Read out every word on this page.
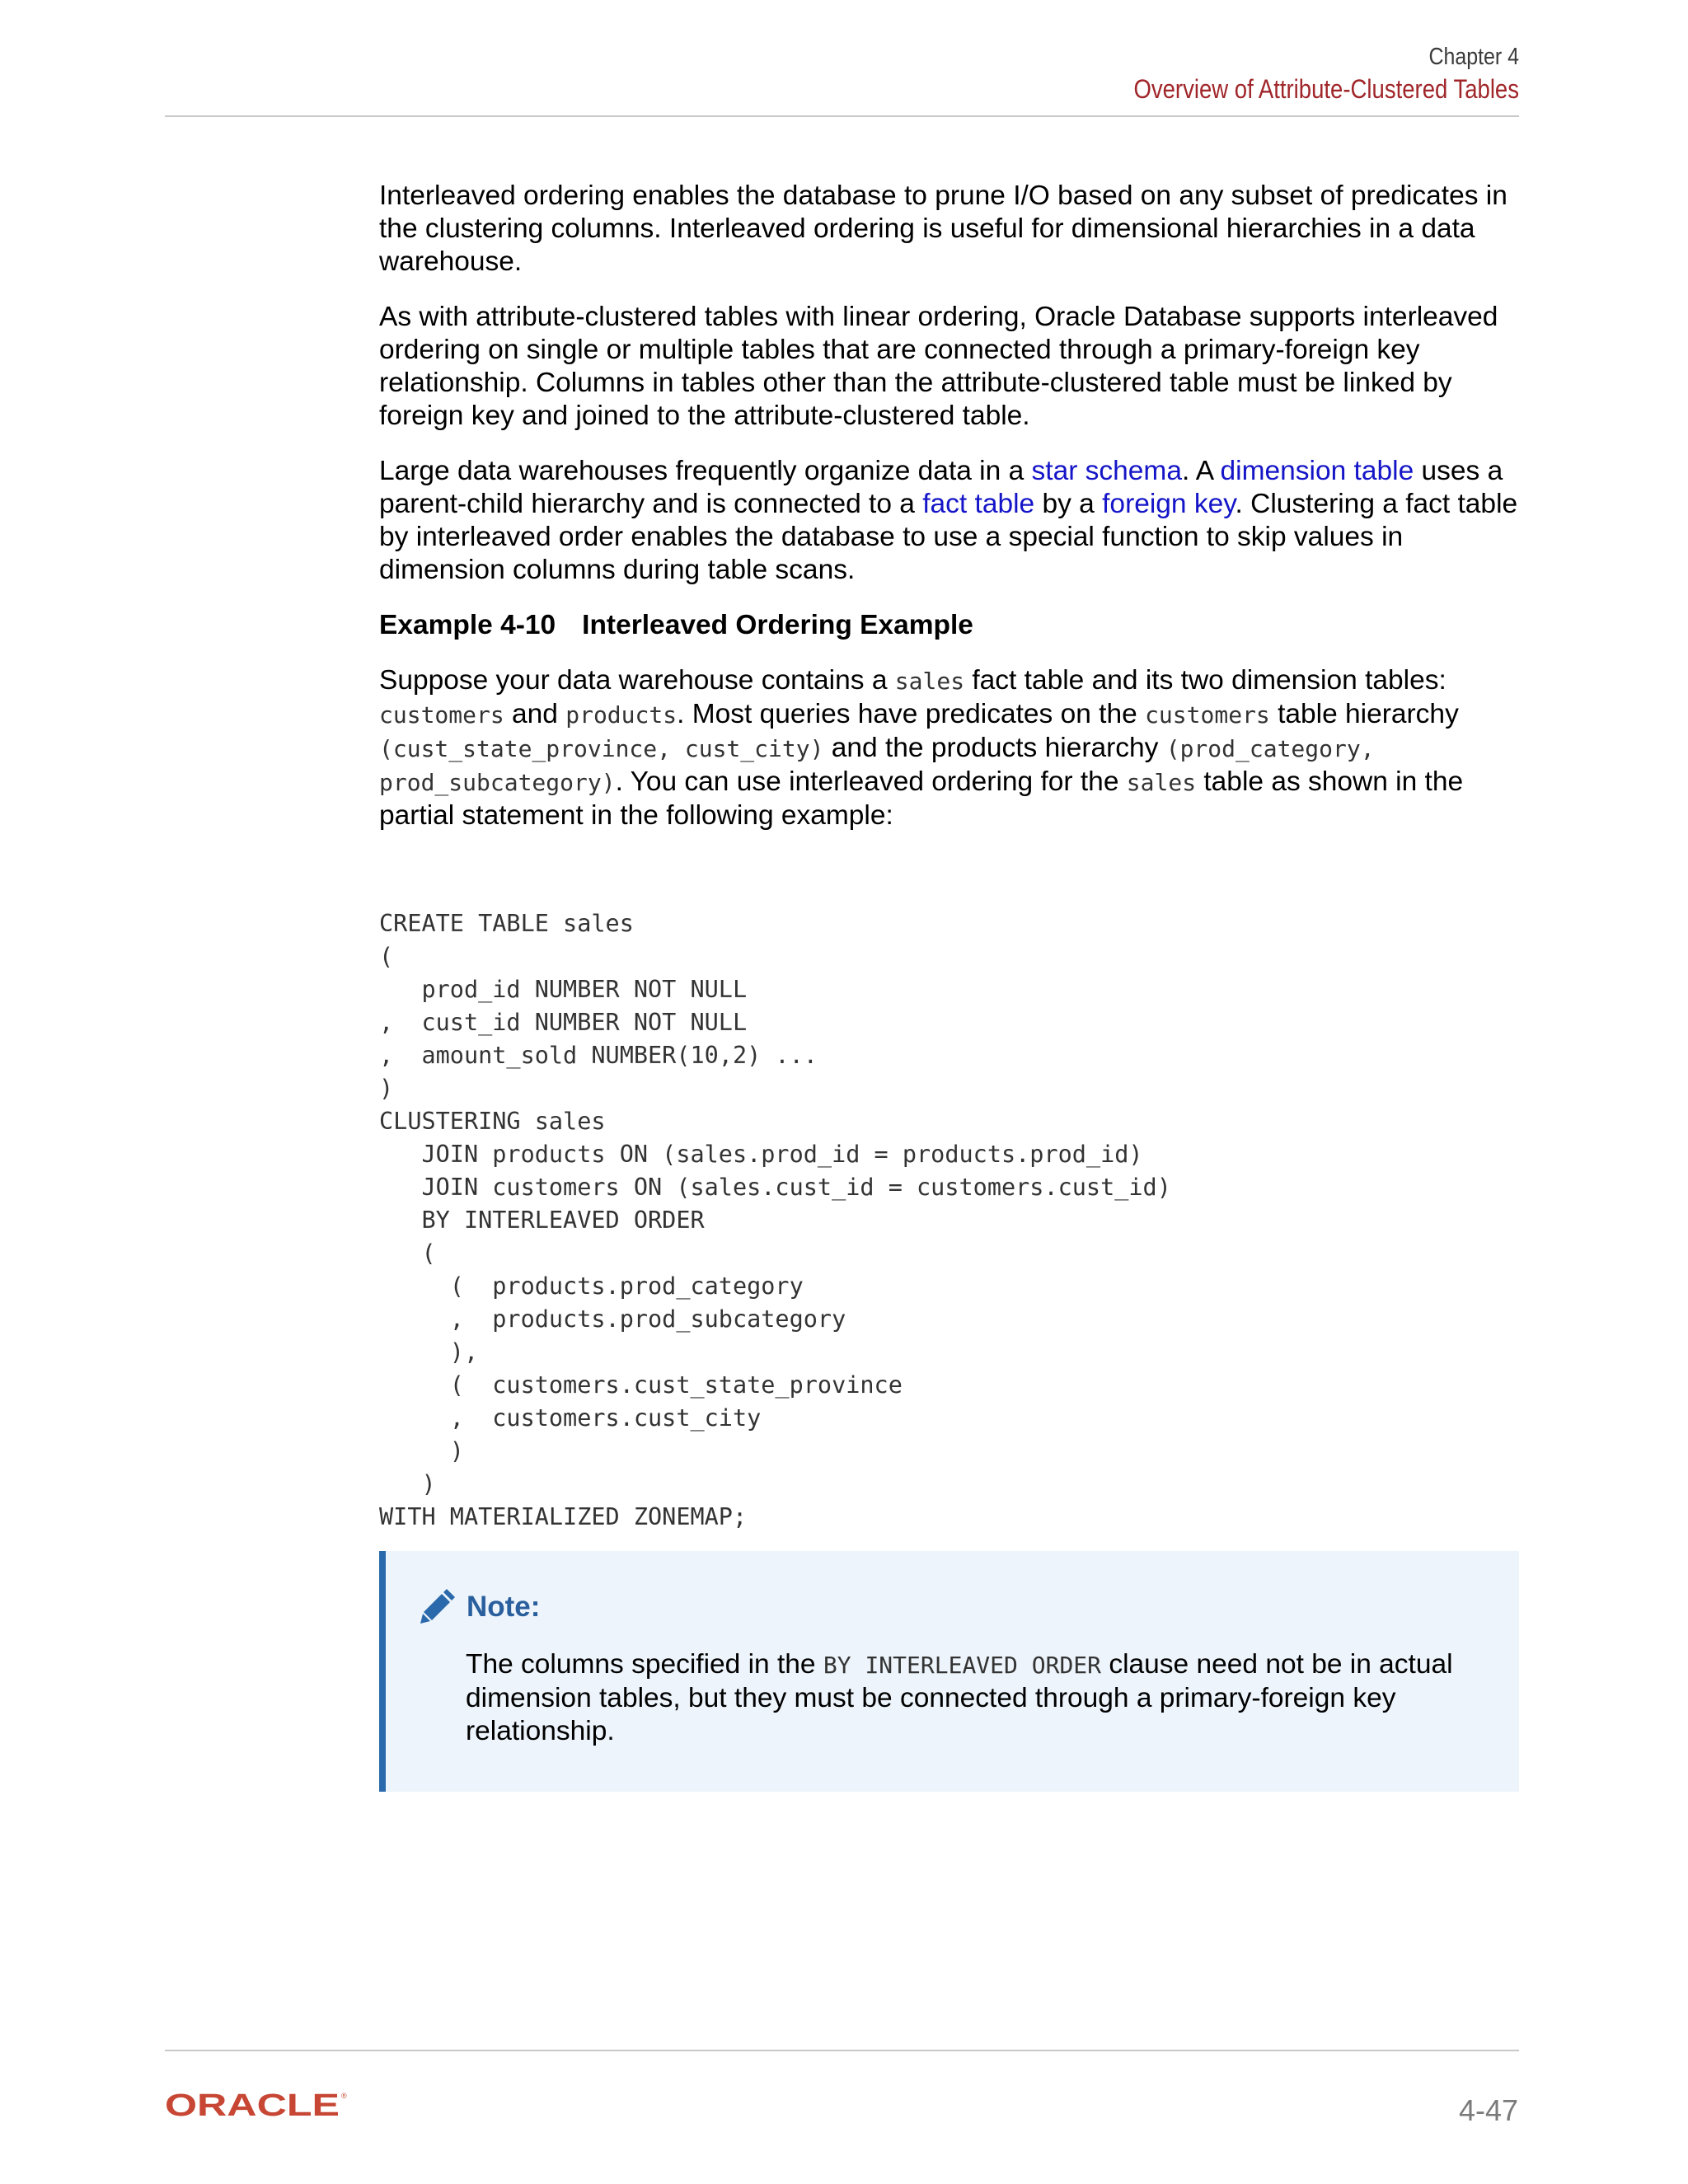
Chapter 4
Overview of Attribute-Clustered Tables

Interleaved ordering enables the database to prune I/O based on any subset of predicates in the clustering columns. Interleaved ordering is useful for dimensional hierarchies in a data warehouse.

As with attribute-clustered tables with linear ordering, Oracle Database supports interleaved ordering on single or multiple tables that are connected through a primary-foreign key relationship. Columns in tables other than the attribute-clustered table must be linked by foreign key and joined to the attribute-clustered table.

Large data warehouses frequently organize data in a star schema. A dimension table uses a parent-child hierarchy and is connected to a fact table by a foreign key. Clustering a fact table by interleaved order enables the database to use a special function to skip values in dimension columns during table scans.

Example 4-10 Interleaved Ordering Example

Suppose your data warehouse contains a sales fact table and its two dimension tables: customers and products. Most queries have predicates on the customers table hierarchy (cust_state_province, cust_city) and the products hierarchy (prod_category, prod_subcategory). You can use interleaved ordering for the sales table as shown in the partial statement in the following example:

CREATE TABLE sales
(
prod_id NUMBER NOT NULL
,  cust_id NUMBER NOT NULL
,  amount_sold NUMBER(10,2) ...
)
CLUSTERING sales
JOIN products ON (sales.prod_id = products.prod_id)
JOIN customers ON (sales.cust_id = customers.cust_id)
BY INTERLEAVED ORDER
(
(  products.prod_category
,  products.prod_subcategory
),
(  customers.cust_state_province
,  customers.cust_city
)
)
WITH MATERIALIZED ZONEMAP;

Note:
The columns specified in the BY INTERLEAVED ORDER clause need not be in actual dimension tables, but they must be connected through a primary-foreign key relationship.
ORACLE ®	4-47
